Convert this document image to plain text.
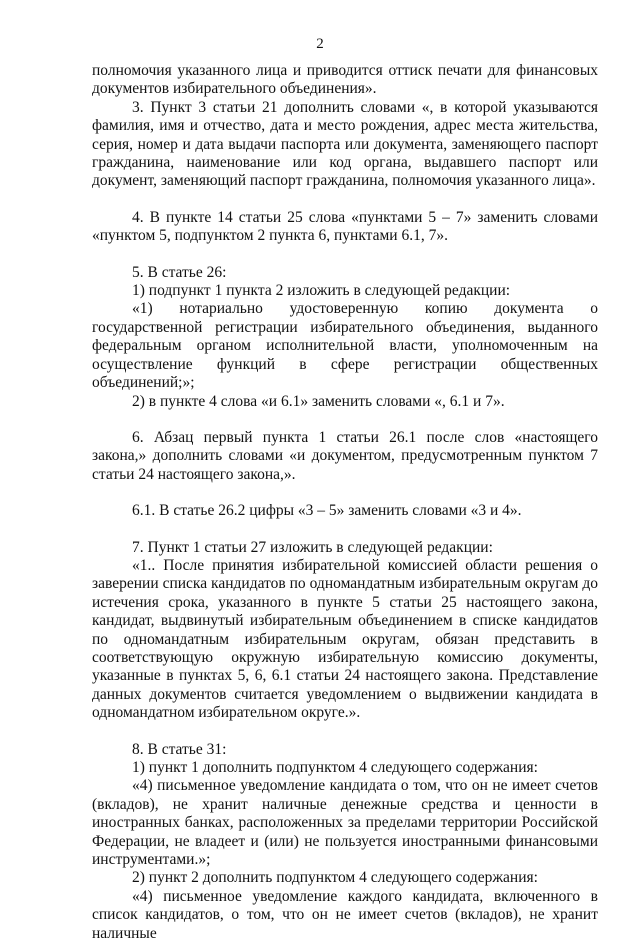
2

полномочия указанного лица и приводится оттиск печати для финансовых документов избирательного объединения».

3. Пункт 3 статьи 21 дополнить словами «, в которой указываются фамилия, имя и отчество, дата и место рождения, адрес места жительства, серия, номер и дата выдачи паспорта или документа, заменяющего паспорт гражданина, наименование или код органа, выдавшего паспорт или документ, заменяющий паспорт гражданина, полномочия указанного лица».

4. В пункте 14 статьи 25 слова «пунктами 5 – 7» заменить словами «пунктом 5, подпунктом 2 пункта 6, пунктами 6.1, 7».

5. В статье 26:

1) подпункт 1 пункта 2 изложить в следующей редакции:

«1) нотариально удостоверенную копию документа о государственной регистрации избирательного объединения, выданного федеральным органом исполнительной власти, уполномоченным на осуществление функций в сфере регистрации общественных объединений;»;

2) в пункте 4 слова «и 6.1» заменить словами «, 6.1 и 7».

6. Абзац первый пункта 1 статьи 26.1 после слов «настоящего закона,» дополнить словами «и документом, предусмотренным пунктом 7 статьи 24 настоящего закона,».

6.1. В статье 26.2 цифры «3 – 5» заменить словами «3 и 4».

7. Пункт 1 статьи 27 изложить в следующей редакции:

«1.. После принятия избирательной комиссией области решения о заверении списка кандидатов по одномандатным избирательным округам до истечения срока, указанного в пункте 5 статьи 25 настоящего закона, кандидат, выдвинутый избирательным объединением в списке кандидатов по одномандатным избирательным округам, обязан представить в соответствующую окружную избирательную комиссию документы, указанные в пунктах 5, 6, 6.1 статьи 24 настоящего закона. Представление данных документов считается уведомлением о выдвижении кандидата в одномандатном избирательном округе.».

8. В статье 31:

1) пункт 1 дополнить подпунктом 4 следующего содержания:

«4) письменное уведомление кандидата о том, что он не имеет счетов (вкладов), не хранит наличные денежные средства и ценности в иностранных банках, расположенных за пределами территории Российской Федерации, не владеет и (или) не пользуется иностранными финансовыми инструментами.»;

2) пункт 2 дополнить подпунктом 4 следующего содержания:

«4) письменное уведомление каждого кандидата, включенного в список кандидатов, о том, что он не имеет счетов (вкладов), не хранит наличные
